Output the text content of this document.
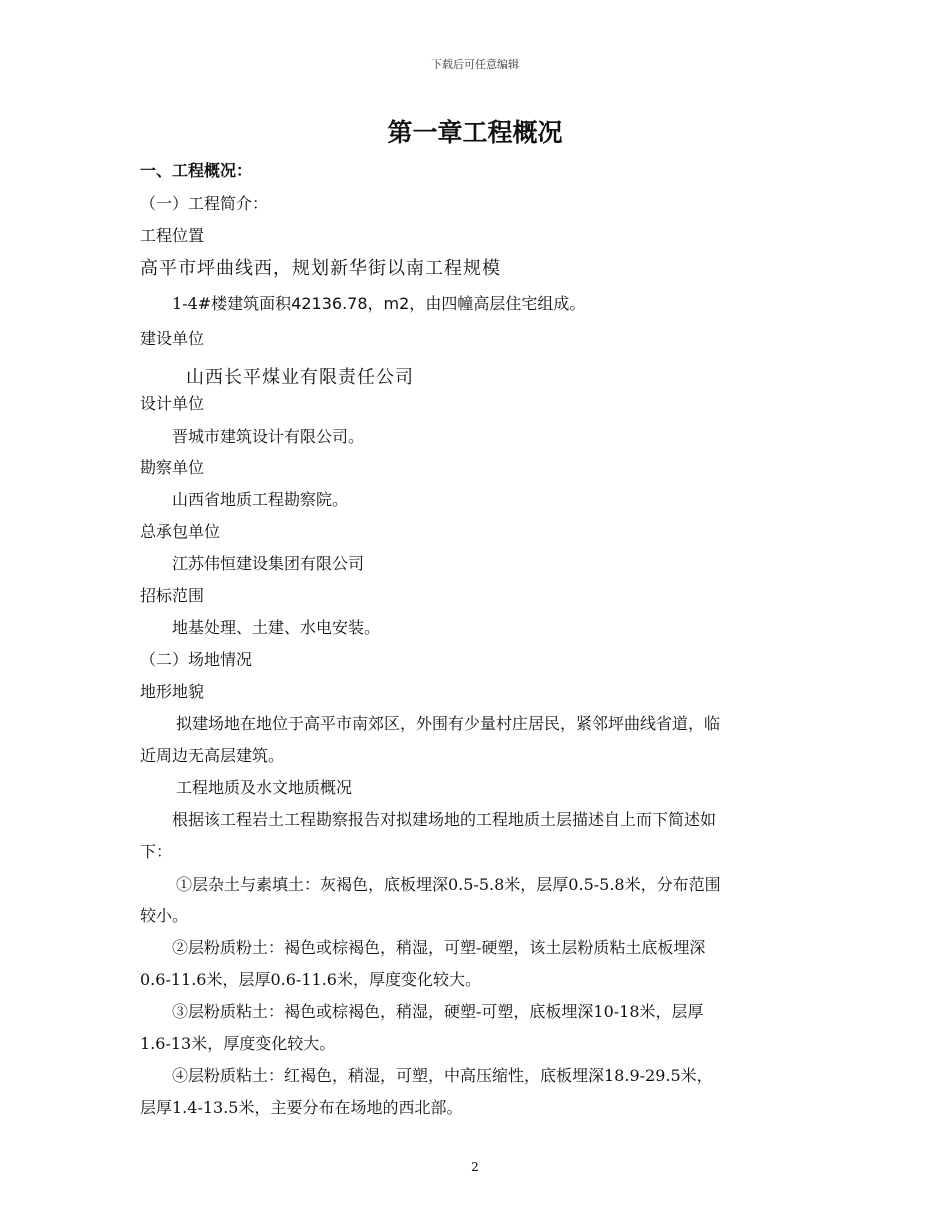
下载后可任意编辑
第一章工程概况
一、工程概况：
（一）工程简介：
工程位置
高平市坪曲线西，规划新华街以南工程规模
1-4#楼建筑面积42136.78，m2，由四幢高层住宅组成。
建设单位
山西长平煤业有限责任公司
设计单位
晋城市建筑设计有限公司。
勘察单位
山西省地质工程勘察院。
总承包单位
江苏伟恒建设集团有限公司
招标范围
地基处理、土建、水电安装。
（二）场地情况
地形地貌
拟建场地在地位于高平市南郊区，外围有少量村庄居民，紧邻坪曲线省道，临
近周边无高层建筑。
工程地质及水文地质概况
根据该工程岩土工程勘察报告对拟建场地的工程地质土层描述自上而下简述如
下：
①层杂土与素填土：灰褐色，底板埋深0.5-5.8米，层厚0.5-5.8米，分布范围
较小。
②层粉质粉土：褐色或棕褐色，稍湿，可塑-硬塑，该土层粉质粘土底板埋深
0.6-11.6米，层厚0.6-11.6米，厚度变化较大。
③层粉质粘土：褐色或棕褐色，稍湿，硬塑-可塑，底板埋深10-18米，层厚
1.6-13米，厚度变化较大。
④层粉质粘土：红褐色，稍湿，可塑，中高压缩性，底板埋深18.9-29.5米，
层厚1.4-13.5米，主要分布在场地的西北部。
2
